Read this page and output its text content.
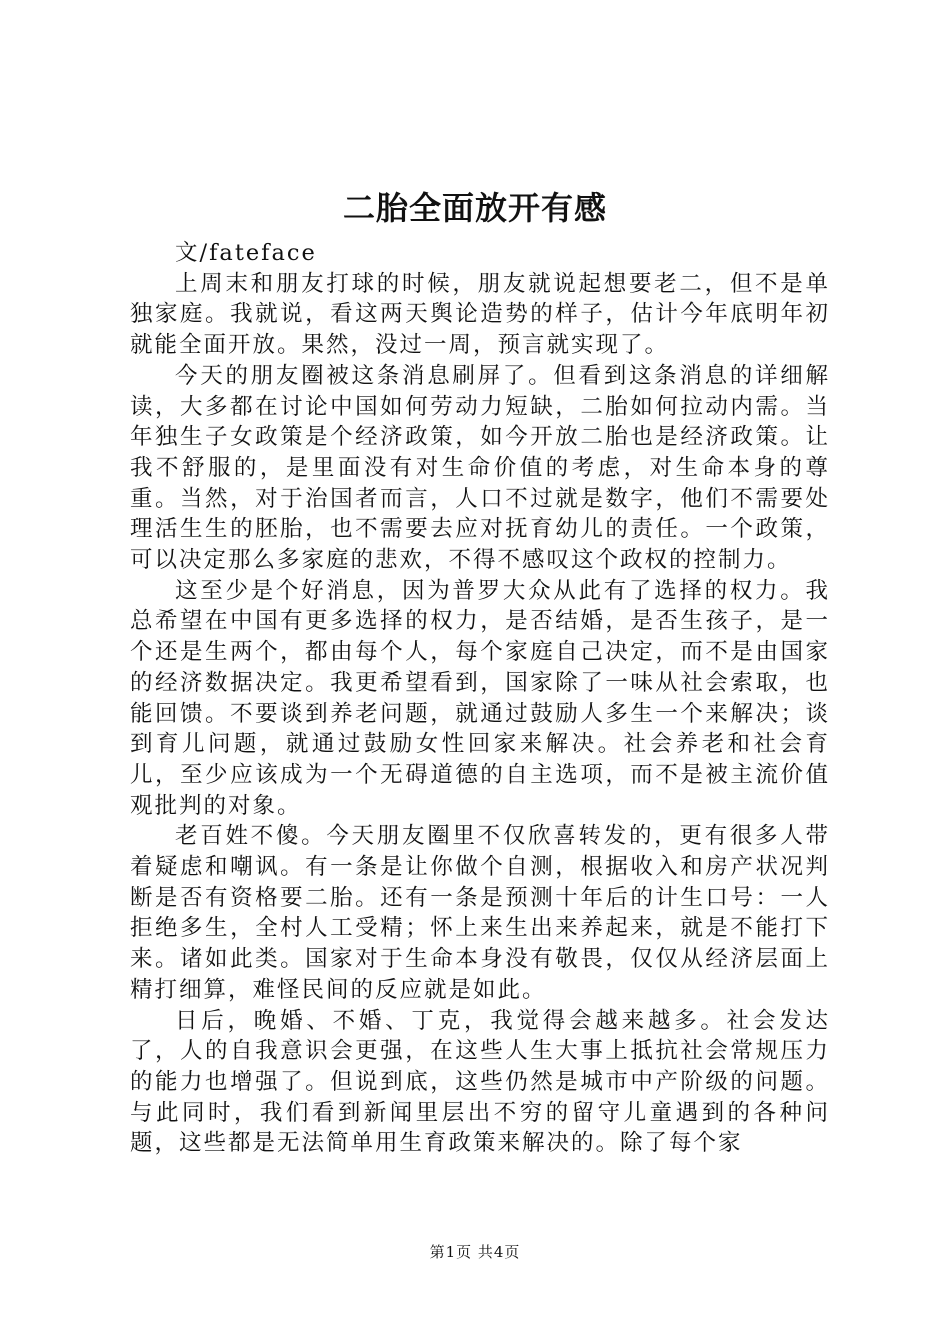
二胎全面放开有感

文/fateface

上周末和朋友打球的时候，朋友就说起想要老二，但不是单独家庭。我就说，看这两天舆论造势的样子，估计今年底明年初就能全面开放。果然，没过一周，预言就实现了。

今天的朋友圈被这条消息刷屏了。但看到这条消息的详细解读，大多都在讨论中国如何劳动力短缺，二胎如何拉动内需。当年独生子女政策是个经济政策，如今开放二胎也是经济政策。让我不舒服的，是里面没有对生命价值的考虑，对生命本身的尊重。当然，对于治国者而言，人口不过就是数字，他们不需要处理活生生的胚胎，也不需要去应对抚育幼儿的责任。一个政策，可以决定那么多家庭的悲欢，不得不感叹这个政权的控制力。

这至少是个好消息，因为普罗大众从此有了选择的权力。我总希望在中国有更多选择的权力，是否结婚，是否生孩子，是一个还是生两个，都由每个人，每个家庭自己决定，而不是由国家的经济数据决定。我更希望看到，国家除了一味从社会索取，也能回馈。不要谈到养老问题，就通过鼓励人多生一个来解决；谈到育儿问题，就通过鼓励女性回家来解决。社会养老和社会育儿，至少应该成为一个无碍道德的自主选项，而不是被主流价值观批判的对象。

老百姓不傻。今天朋友圈里不仅欣喜转发的，更有很多人带着疑虑和嘲讽。有一条是让你做个自测，根据收入和房产状况判断是否有资格要二胎。还有一条是预测十年后的计生口号：一人拒绝多生，全村人工受精；怀上来生出来养起来，就是不能打下来。诸如此类。国家对于生命本身没有敬畏，仅仅从经济层面上精打细算，难怪民间的反应就是如此。

日后，晚婚、不婚、丁克，我觉得会越来越多。社会发达了，人的自我意识会更强，在这些人生大事上抵抗社会常规压力的能力也增强了。但说到底，这些仍然是城市中产阶级的问题。与此同时，我们看到新闻里层出不穷的留守儿童遇到的各种问题，这些都是无法简单用生育政策来解决的。除了每个家

第1页 共4页
